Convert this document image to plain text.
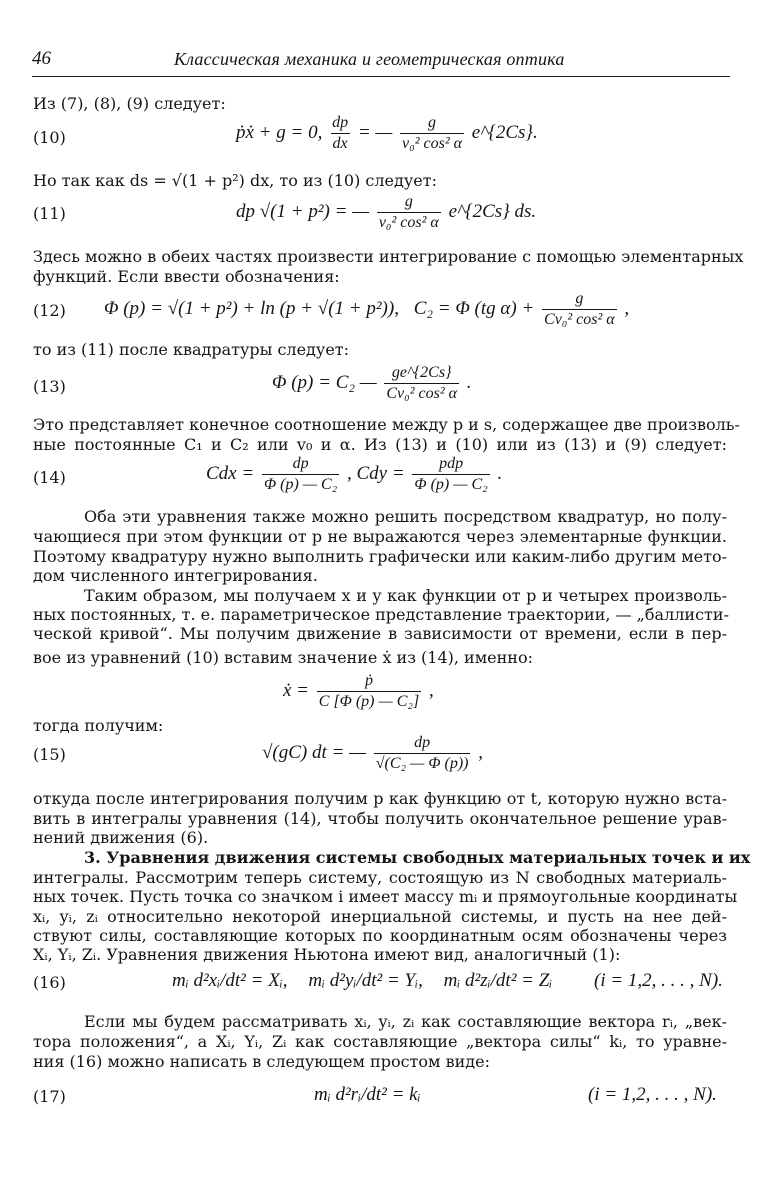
46	Классическая механика и геометрическая оптика
Из (7), (8), (9) следует:
(10)	ṗẋ + g = 0, $\frac{dp}{dx}$ = — $\frac{g}{\text{v₀² cos² α}}$ e^{2Cs}.
Но так как ds = √(1 + p²) dx, то из (10) следует:
(11)	dp √(1 + p²) = — $\frac{g}{\text{v₀² cos² α}}$ e^{2Cs} ds.
Здесь можно в обеих частях произвести интегрирование с помощью элементарных
функций. Если ввести обозначения:
(12) Φ (p) = √(1 + p²) + ln (p + √(1 + p²)), C₂ = Φ (tg $\alpha) + \frac{g}{\text{Cv₀² cos² α}}$ ,
то из (11) после квадратуры следует:
(13)	Φ (p) = C₂ — $\frac{ge\^{}\{2Cs\}}{\text{Cv₀² cos² α}}$ .
Это представляет конечное соотношение между p и s, содержащее две произволь-
ные постоянные C₁ и C₂ или v₀ и α. Из (13) и (10) или из (13) и (9) следует:
(14)	Cdx = $\frac{dp}{\text{Φ (p) — C₂}}$ , Cdy = $\frac{\text{pdp}}{\text{Φ (p) — C₂}}$ .
Оба эти уравнения также можно решить посредством квадратур, но полу-
чающиеся при этом функции от p не выражаются через элементарные функции.
Поэтому квадратуру нужно выполнить графически или каким-либо другим мето-
дом численного интегрирования.
Таким образом, мы получаем x и y как функции от p и четырех произволь-
ных постоянных, т. е. параметрическое представление траектории, — „баллисти-
ческой кривой“. Мы получим движение в зависимости от времени, если в пер-
вое из уравнений (10) вставим значение ẋ из (14), именно:
ẋ = $\frac{\text{ṗ}}{\text{C [Φ (p) — C₂]}}$ ,
тогда получим:
(15)	√(gC) dt = — $\frac{dp}{\text{√(C₂ — Φ (p))}}$ ,
откуда после интегрирования получим p как функцию от t, которую нужно вста-
вить в интегралы уравнения (14), чтобы получить окончательное решение урав-
нений движения (6).
3. Уравнения движения системы свободных материальных точек и их
интегралы. Рассмотрим теперь систему, состоящую из N свободных материаль-
ных точек. Пусть точка со значком i имеет массу mᵢ и прямоугольные координаты
xᵢ, yᵢ, zᵢ относительно некоторой инерциальной системы, и пусть на нее дей-
ствуют силы, составляющие которых по координатным осям обозначены через
Xᵢ, Yᵢ, Zᵢ. Уравнения движения Ньютона имеют вид, аналогичный (1):
(16)	mᵢ d²xᵢ/dt² = Xᵢ, mᵢ d²yᵢ/dt² = Yᵢ, mᵢ d²zᵢ/dt² = Zᵢ (i = 1,2, . . . , N).
Если мы будем рассматривать xᵢ, yᵢ, zᵢ как составляющие вектора rᵢ, „век-
тора положения“, а Xᵢ, Yᵢ, Zᵢ как составляющие „вектора силы“ kᵢ, то уравне-
ния (16) можно написать в следующем простом виде:
(17)	mᵢ d²rᵢ/dt² = kᵢ	(i = 1,2, . . . , N).
